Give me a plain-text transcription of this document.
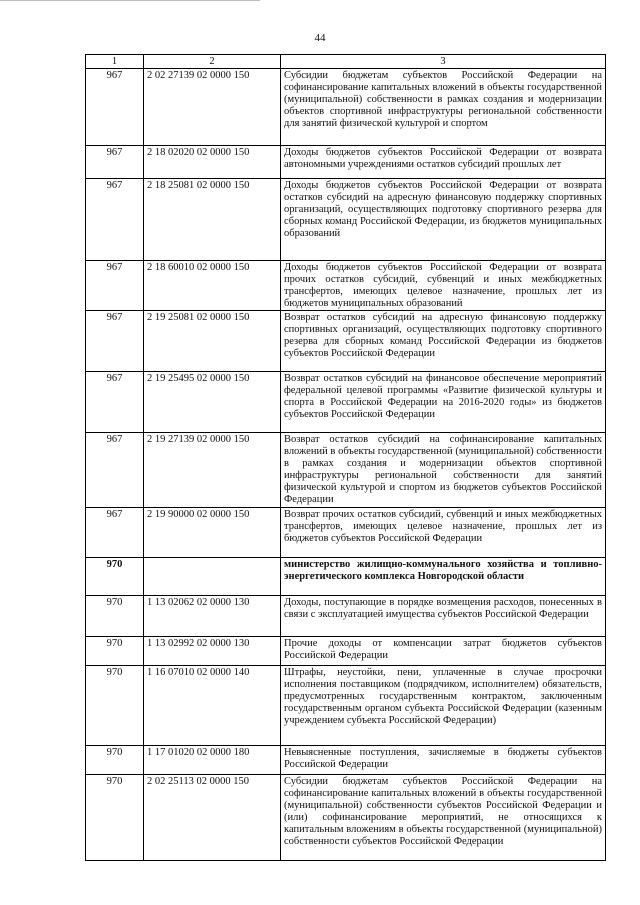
44
1	2	3
967	2 02 27139 02 0000 150	Субсидии бюджетам субъектов Российской Федерации на софинансирование капитальных вложений в объекты государственной (муниципальной) собственности в рамках создания и модернизации объектов спортивной инфраструктуры региональной собственности для занятий физической культурой и спортом
967	2 18 02020 02 0000 150	Доходы бюджетов субъектов Российской Федерации от возврата автономными учреждениями остатков субсидий прошлых лет
967	2 18 25081 02 0000 150	Доходы бюджетов субъектов Российской Федерации от возврата остатков субсидий на адресную финансовую поддержку спортивных организаций, осуществляющих подготовку спортивного резерва для сборных команд Российской Федерации, из бюджетов муниципальных образований
967	2 18 60010 02 0000 150	Доходы бюджетов субъектов Российской Федерации от возврата прочих остатков субсидий, субвенций и иных межбюджетных трансфертов, имеющих целевое назначение, прошлых лет из бюджетов муниципальных образований
967	2 19 25081 02 0000 150	Возврат остатков субсидий на адресную финансовую поддержку спортивных организаций, осуществляющих подготовку спортивного резерва для сборных команд Российской Федерации из бюджетов субъектов Российской Федерации
967	2 19 25495 02 0000 150	Возврат остатков субсидий на финансовое обеспечение мероприятий федеральной целевой программы «Развитие физической культуры и спорта в Российской Федерации на 2016-2020 годы» из бюджетов субъектов Российской Федерации
967	2 19 27139 02 0000 150	Возврат остатков субсидий на софинансирование капитальных вложений в объекты государственной (муниципальной) собственности в рамках создания и модернизации объектов спортивной инфраструктуры региональной собственности для занятий физической культурой и спортом из бюджетов субъектов Российской Федерации
967	2 19 90000 02 0000 150	Возврат прочих остатков субсидий, субвенций и иных межбюджетных трансфертов, имеющих целевое назначение, прошлых лет из бюджетов субъектов Российской Федерации
970		министерство жилищно-коммунального хозяйства и топливно-энергетического комплекса Новгородской области
970	1 13 02062 02 0000 130	Доходы, поступающие в порядке возмещения расходов, понесенных в связи с эксплуатацией имущества субъектов Российской Федерации
970	1 13 02992 02 0000 130	Прочие доходы от компенсации затрат бюджетов субъектов Российской Федерации
970	1 16 07010 02 0000 140	Штрафы, неустойки, пени, уплаченные в случае просрочки исполнения поставщиком (подрядчиком, исполнителем) обязательств, предусмотренных государственным контрактом, заключенным государственным органом субъекта Российской Федерации (казенным учреждением субъекта Российской Федерации)
970	1 17 01020 02 0000 180	Невыясненные поступления, зачисляемые в бюджеты субъектов Российской Федерации
970	2 02 25113 02 0000 150	Субсидии бюджетам субъектов Российской Федерации на софинансирование капитальных вложений в объекты государственной (муниципальной) собственности субъектов Российской Федерации и (или) софинансирование мероприятий, не относящихся к капитальным вложениям в объекты государственной (муниципальной) собственности субъектов Российской Федерации
